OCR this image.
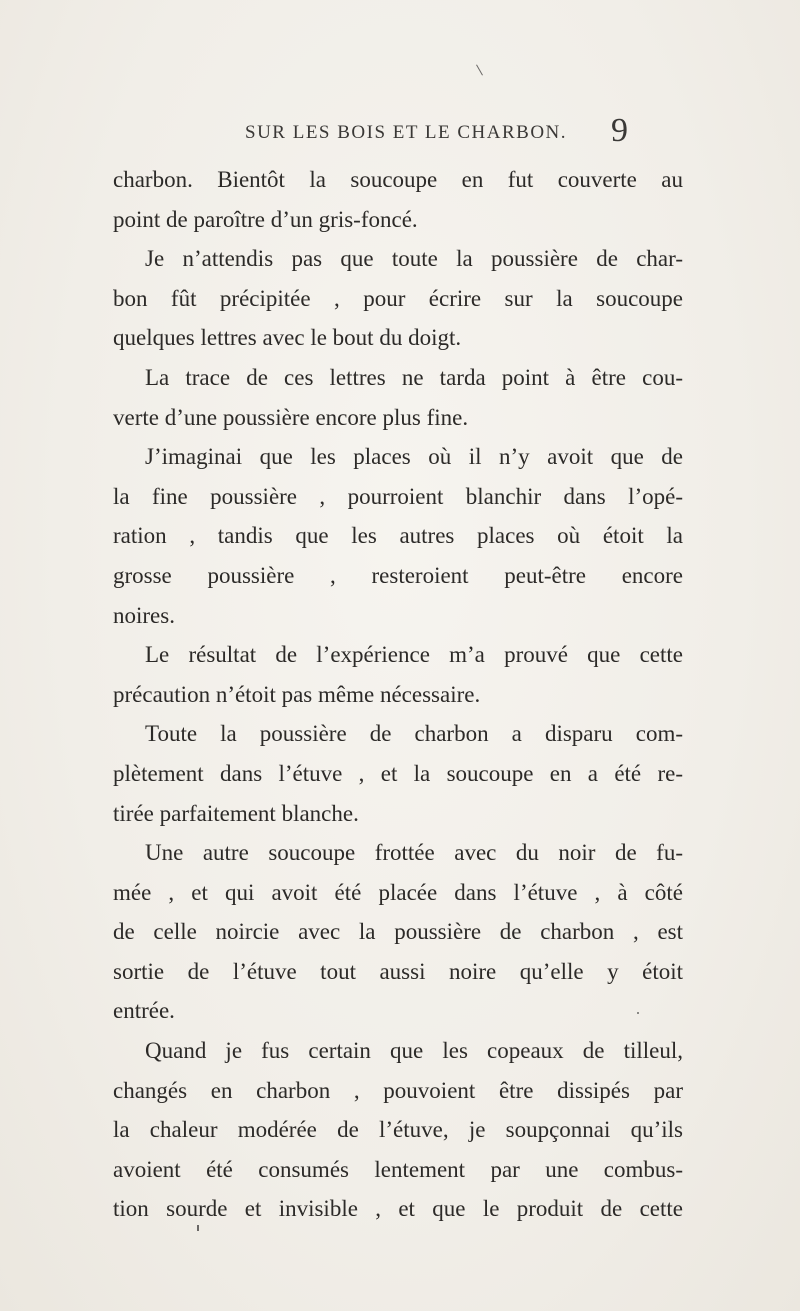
SUR LES BOIS ET LE CHARBON. 9
charbon. Bientôt la soucoupe en fut couverte au
point de paroître d’un gris-foncé.
Je n’attendis pas que toute la poussière de char-
bon fût précipitée , pour écrire sur la soucoupe
quelques lettres avec le bout du doigt.
La trace de ces lettres ne tarda point à être cou-
verte d’une poussière encore plus fine.
J’imaginai que les places où il n’y avoit que de
la fine poussière , pourroient blanchir dans l’opé-
ration , tandis que les autres places où étoit la
grosse poussière , resteroient peut-être encore
noires.
Le résultat de l’expérience m’a prouvé que cette
précaution n’étoit pas même nécessaire.
Toute la poussière de charbon a disparu com-
plètement dans l’étuve , et la soucoupe en a été re-
tirée parfaitement blanche.
Une autre soucoupe frottée avec du noir de fu-
mée , et qui avoit été placée dans l’étuve , à côté
de celle noircie avec la poussière de charbon , est
sortie de l’étuve tout aussi noire qu’elle y étoit
entrée.
Quand je fus certain que les copeaux de tilleul,
changés en charbon , pouvoient être dissipés par
la chaleur modérée de l’étuve, je soupçonnai qu’ils
avoient été consumés lentement par une combus-
tion sourde et invisible , et que le produit de cette
